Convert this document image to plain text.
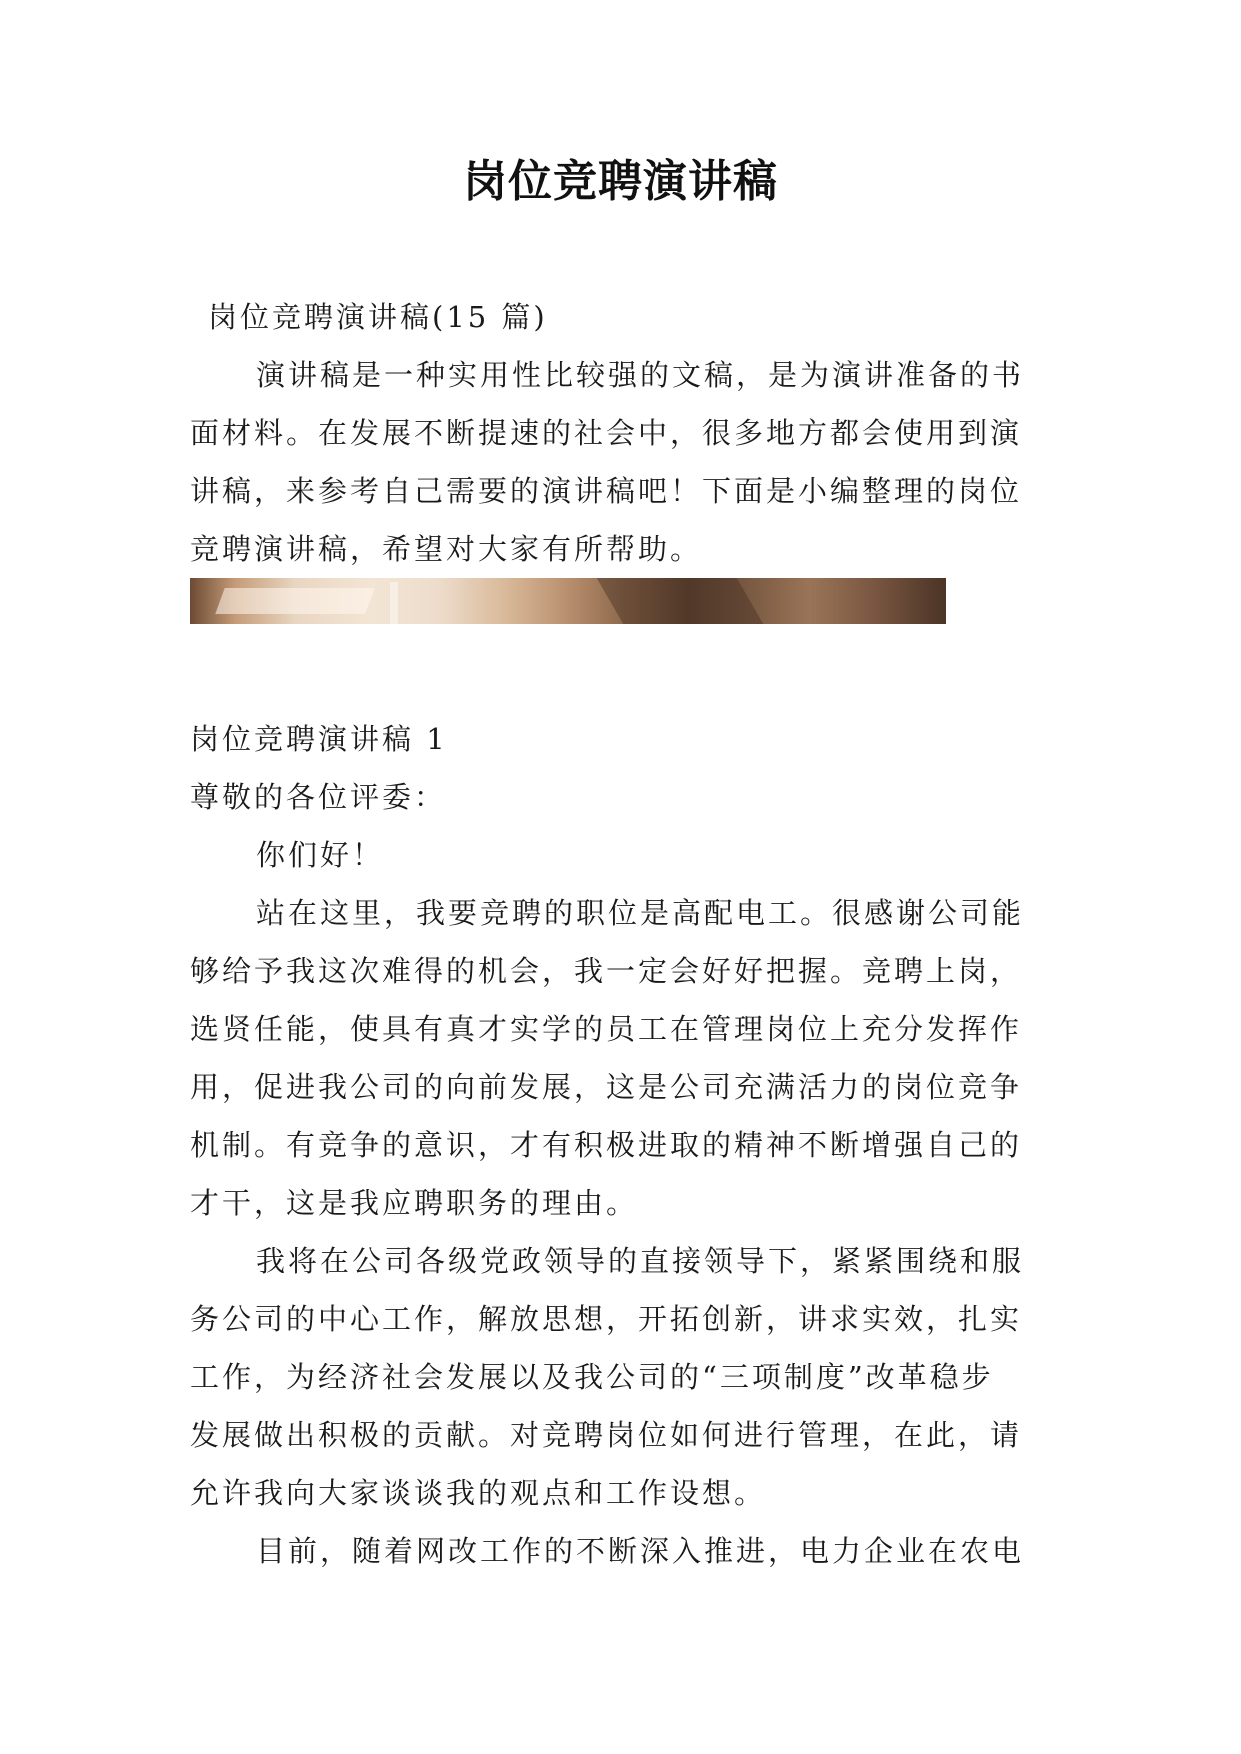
岗位竞聘演讲稿

岗位竞聘演讲稿(15 篇)

演讲稿是一种实用性比较强的文稿，是为演讲准备的书

面材料。在发展不断提速的社会中，很多地方都会使用到演

讲稿，来参考自己需要的演讲稿吧！下面是小编整理的岗位

竞聘演讲稿，希望对大家有所帮助。

岗位竞聘演讲稿 1

尊敬的各位评委：

你们好！

站在这里，我要竞聘的职位是高配电工。很感谢公司能

够给予我这次难得的机会，我一定会好好把握。竞聘上岗，

选贤任能，使具有真才实学的员工在管理岗位上充分发挥作

用，促进我公司的向前发展，这是公司充满活力的岗位竞争

机制。有竞争的意识，才有积极进取的精神不断增强自己的

才干，这是我应聘职务的理由。

我将在公司各级党政领导的直接领导下，紧紧围绕和服

务公司的中心工作，解放思想，开拓创新，讲求实效，扎实

工作，为经济社会发展以及我公司的“三项制度”改革稳步

发展做出积极的贡献。对竞聘岗位如何进行管理，在此，请

允许我向大家谈谈我的观点和工作设想。

目前，随着网改工作的不断深入推进，电力企业在农电
